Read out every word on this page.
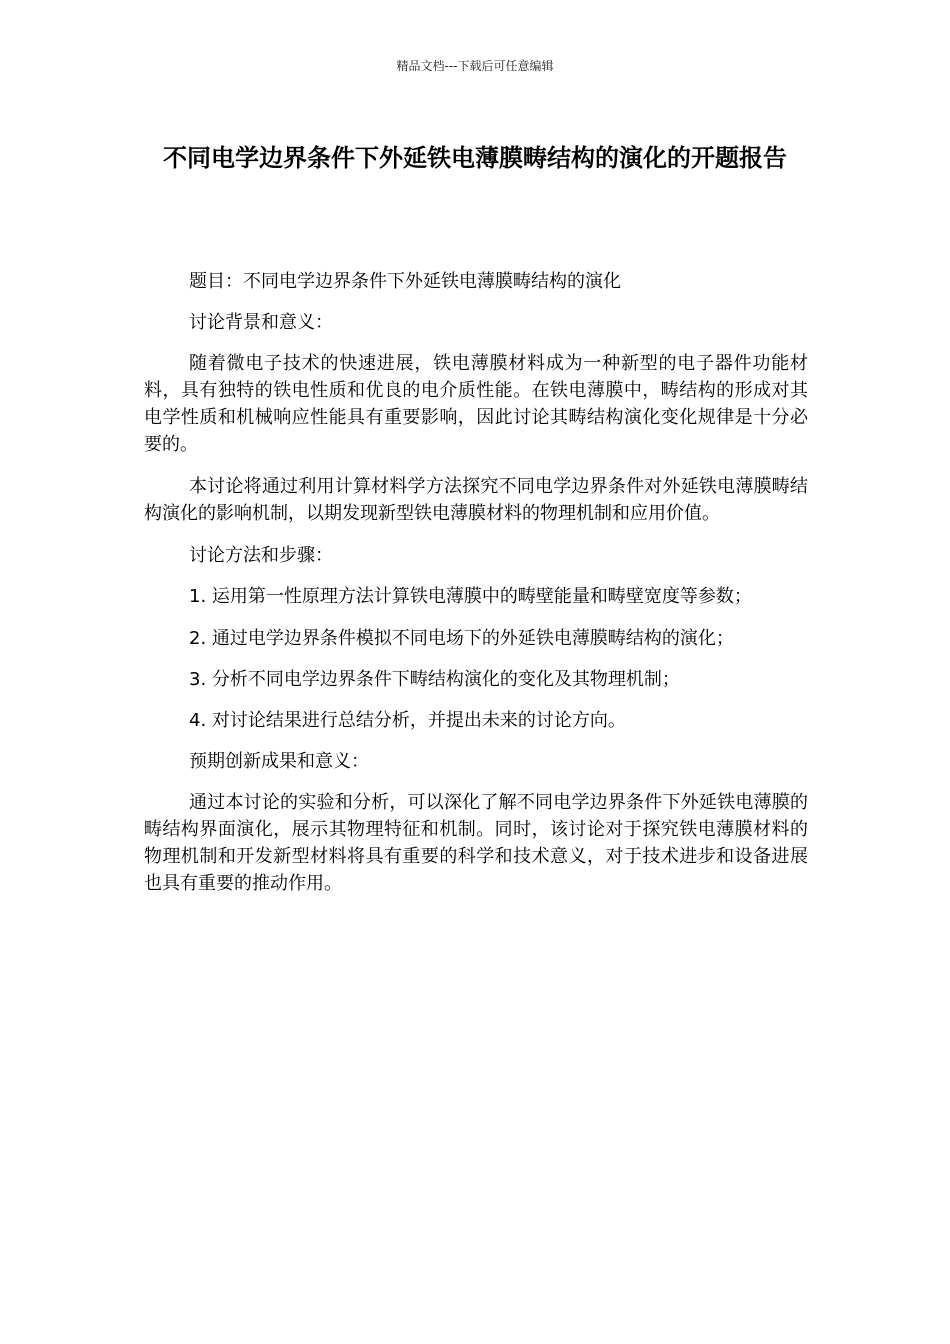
精品文档---下载后可任意编辑
不同电学边界条件下外延铁电薄膜畴结构的演化的开题报告

题目：不同电学边界条件下外延铁电薄膜畴结构的演化

讨论背景和意义：

随着微电子技术的快速进展，铁电薄膜材料成为一种新型的电子器件功能材料，具有独特的铁电性质和优良的电介质性能。在铁电薄膜中，畴结构的形成对其电学性质和机械响应性能具有重要影响，因此讨论其畴结构演化变化规律是十分必要的。

本讨论将通过利用计算材料学方法探究不同电学边界条件对外延铁电薄膜畴结构演化的影响机制，以期发现新型铁电薄膜材料的物理机制和应用价值。

讨论方法和步骤：

1. 运用第一性原理方法计算铁电薄膜中的畴壁能量和畴壁宽度等参数；

2. 通过电学边界条件模拟不同电场下的外延铁电薄膜畴结构的演化；

3. 分析不同电学边界条件下畴结构演化的变化及其物理机制；

4. 对讨论结果进行总结分析，并提出未来的讨论方向。

预期创新成果和意义：

通过本讨论的实验和分析，可以深化了解不同电学边界条件下外延铁电薄膜的畴结构界面演化，展示其物理特征和机制。同时，该讨论对于探究铁电薄膜材料的物理机制和开发新型材料将具有重要的科学和技术意义，对于技术进步和设备进展也具有重要的推动作用。
